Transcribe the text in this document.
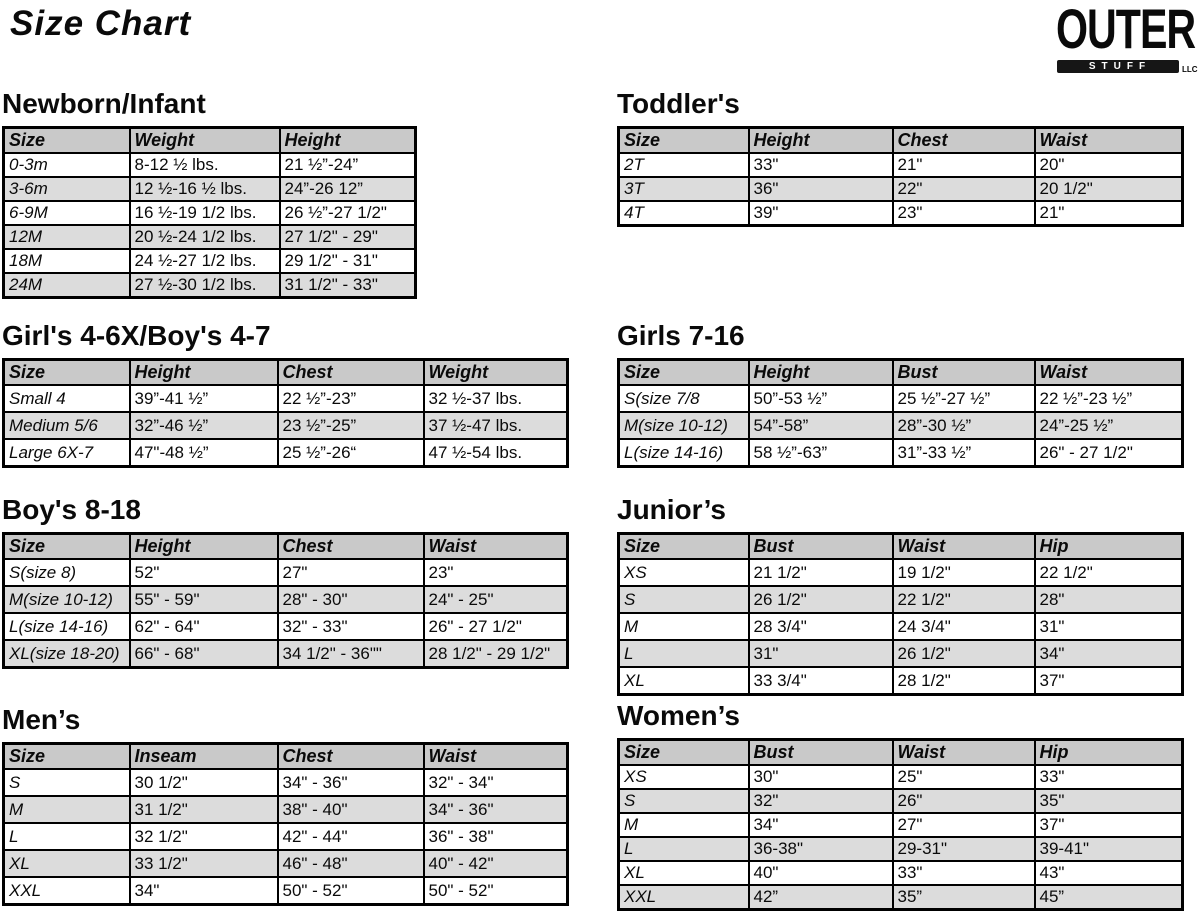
Size Chart	OUTER
STUFF	LLC
Newborn/Infant
Size	Weight	Height
0-3m	8-12 ½ lbs.	21 ½”-24”
3-6m	12 ½-16 ½ lbs.	24”-26 12”
6-9M	16 ½-19 1/2 lbs.	26 ½”-27 1/2"
12M	20 ½-24 1/2 lbs.	27 1/2" - 29"
18M	24 ½-27 1/2 lbs.	29 1/2" - 31"
24M	27 ½-30 1/2 lbs.	31 1/2" - 33"
Toddler's
Size	Height	Chest	Waist
2T	33"	21"	20"
3T	36"	22"	20 1/2"
4T	39"	23"	21"
Girl's 4-6X/Boy's 4-7
Size	Height	Chest	Weight
Small 4	39”-41 ½”	22 ½”-23”	32 ½-37 lbs.
Medium 5/6	32”-46 ½”	23 ½”-25”	37 ½-47 lbs.
Large 6X-7	47"-48 ½”	25 ½”-26“	47 ½-54 lbs.
Girls 7-16
Size	Height	Bust	Waist
S(size 7/8	50”-53 ½”	25 ½”-27 ½”	22 ½”-23 ½”
M(size 10-12)	54”-58”	28”-30 ½”	24”-25 ½”
L(size 14-16)	58 ½”-63”	31”-33 ½”	26" - 27 1/2"
Boy's 8-18
Size	Height	Chest	Waist
S(size 8)	52"	27"	23"
M(size 10-12)	55" - 59"	28" - 30"	24" - 25"
L(size 14-16)	62" - 64"	32" - 33"	26" - 27 1/2"
XL(size 18-20)	66" - 68"	34 1/2" - 36""	28 1/2" - 29 1/2"
Junior’s
Size	Bust	Waist	Hip
XS	21 1/2"	19 1/2"	22 1/2"
S	26 1/2"	22 1/2"	28"
M	28 3/4"	24 3/4"	31"
L	31"	26 1/2"	34"
XL	33 3/4"	28 1/2"	37"
Men’s
Size	Inseam	Chest	Waist
S	30 1/2"	34" - 36"	32" - 34"
M	31 1/2"	38" - 40"	34" - 36"
L	32 1/2"	42" - 44"	36" - 38"
XL	33 1/2"	46" - 48"	40" - 42"
XXL	34"	50" - 52"	50" - 52"
Women’s
Size	Bust	Waist	Hip
XS	30"	25"	33"
S	32"	26"	35"
M	34"	27"	37"
L	36-38"	29-31"	39-41"
XL	40"	33"	43"
XXL	42”	35”	45”
